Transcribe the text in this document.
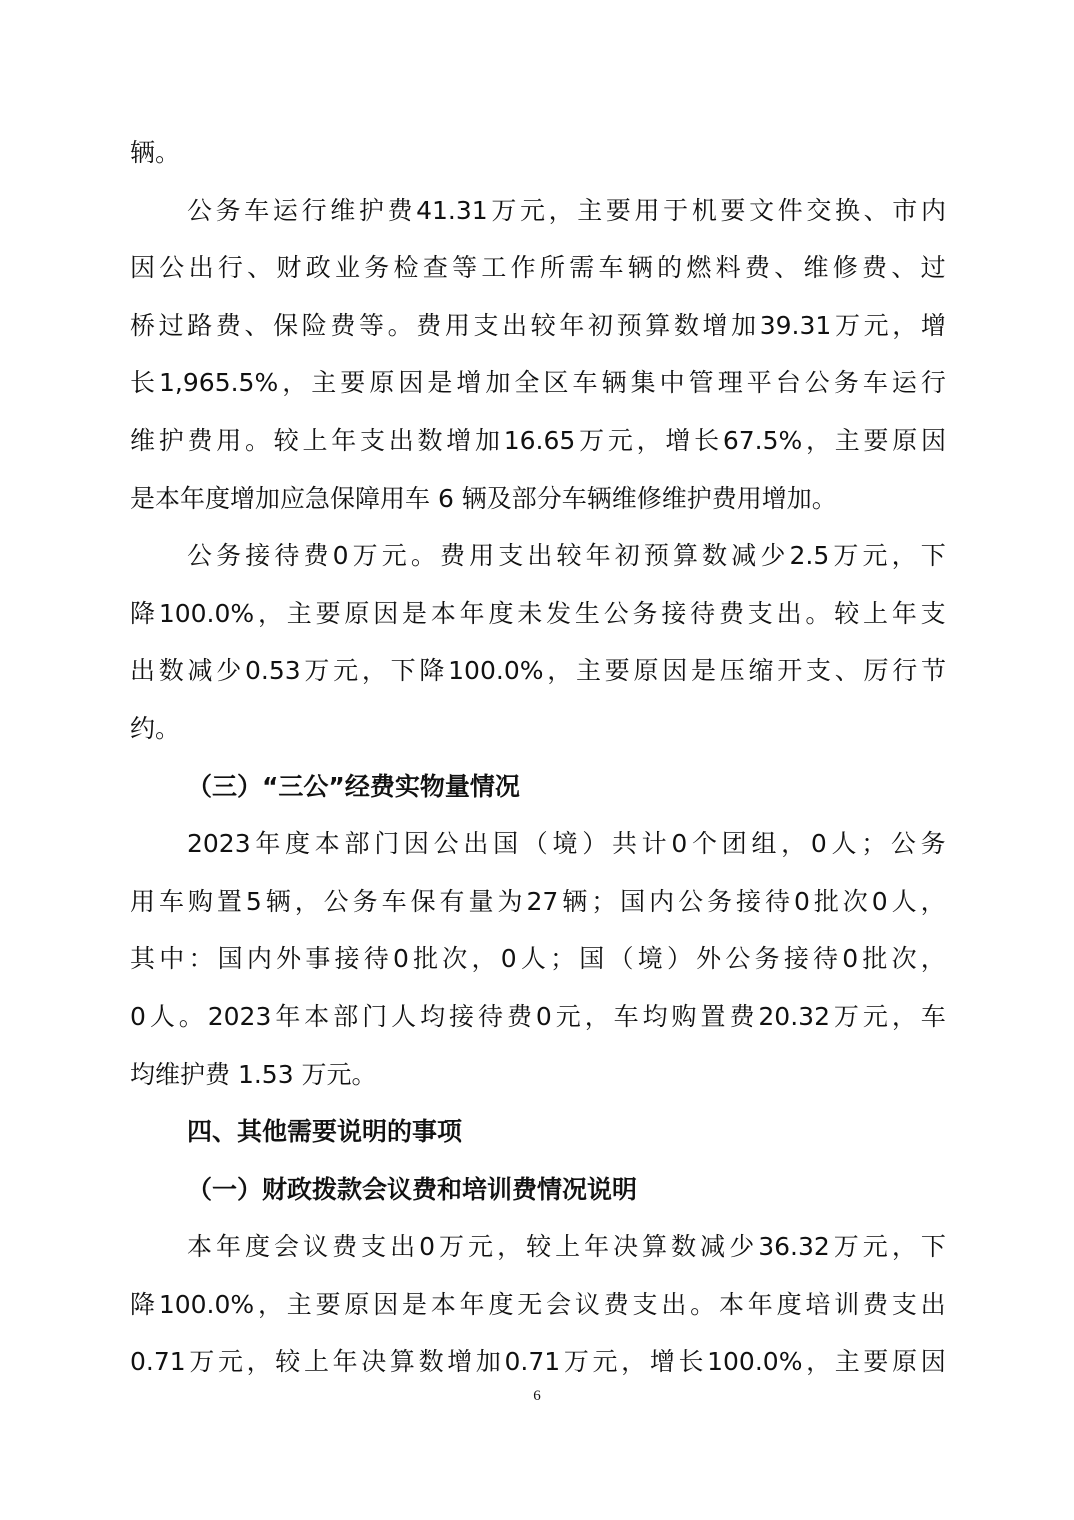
辆。
公 务 车 运 行 维 护 费 41.31 万 元 ， 主 要 用 于 机 要 文 件 交 换 、 市 内
因 公 出 行 、 财 政 业 务 检 查 等 工 作 所 需 车 辆 的 燃 料 费 、 维 修 费 、 过
桥 过 路 费 、 保 险 费 等 。 费 用 支 出 较 年 初 预 算 数 增 加 39.31 万 元 ， 增
长 1,965.5% ， 主 要 原 因 是 增 加 全 区 车 辆 集 中 管 理 平 台 公 务 车 运 行
维 护 费 用 。 较 上 年 支 出 数 增 加 16.65 万 元 ， 增 长 67.5% ， 主 要 原 因
是本年度增加应急保障用车 6 辆及部分车辆维修维护费用增加。
公 务 接 待 费 0 万 元 。 费 用 支 出 较 年 初 预 算 数 减 少 2.5 万 元 ， 下
降 100.0% ， 主 要 原 因 是 本 年 度 未 发 生 公 务 接 待 费 支 出 。 较 上 年 支
出 数 减 少 0.53 万 元 ， 下 降 100.0% ， 主 要 原 因 是 压 缩 开 支 、 厉 行 节
约。
（三）“三公”经费实物量情况
2023 年 度 本 部 门 因 公 出 国 （ 境 ） 共 计 0 个 团 组 ， 0 人 ； 公 务
用 车 购 置 5 辆 ， 公 务 车 保 有 量 为 27 辆 ； 国 内 公 务 接 待 0 批 次 0 人 ，
其 中 ： 国 内 外 事 接 待 0 批 次 ， 0 人 ； 国 （ 境 ） 外 公 务 接 待 0 批 次 ，
0 人 。 2023 年 本 部 门 人 均 接 待 费 0 元 ， 车 均 购 置 费 20.32 万 元 ， 车
均维护费 1.53 万元。
四、其他需要说明的事项
（一）财政拨款会议费和培训费情况说明
本 年 度 会 议 费 支 出 0 万 元 ， 较 上 年 决 算 数 减 少 36.32 万 元 ， 下
降 100.0% ， 主 要 原 因 是 本 年 度 无 会 议 费 支 出 。 本 年 度 培 训 费 支 出
0.71 万 元 ， 较 上 年 决 算 数 增 加 0.71 万 元 ， 增 长 100.0% ， 主 要 原 因
6
